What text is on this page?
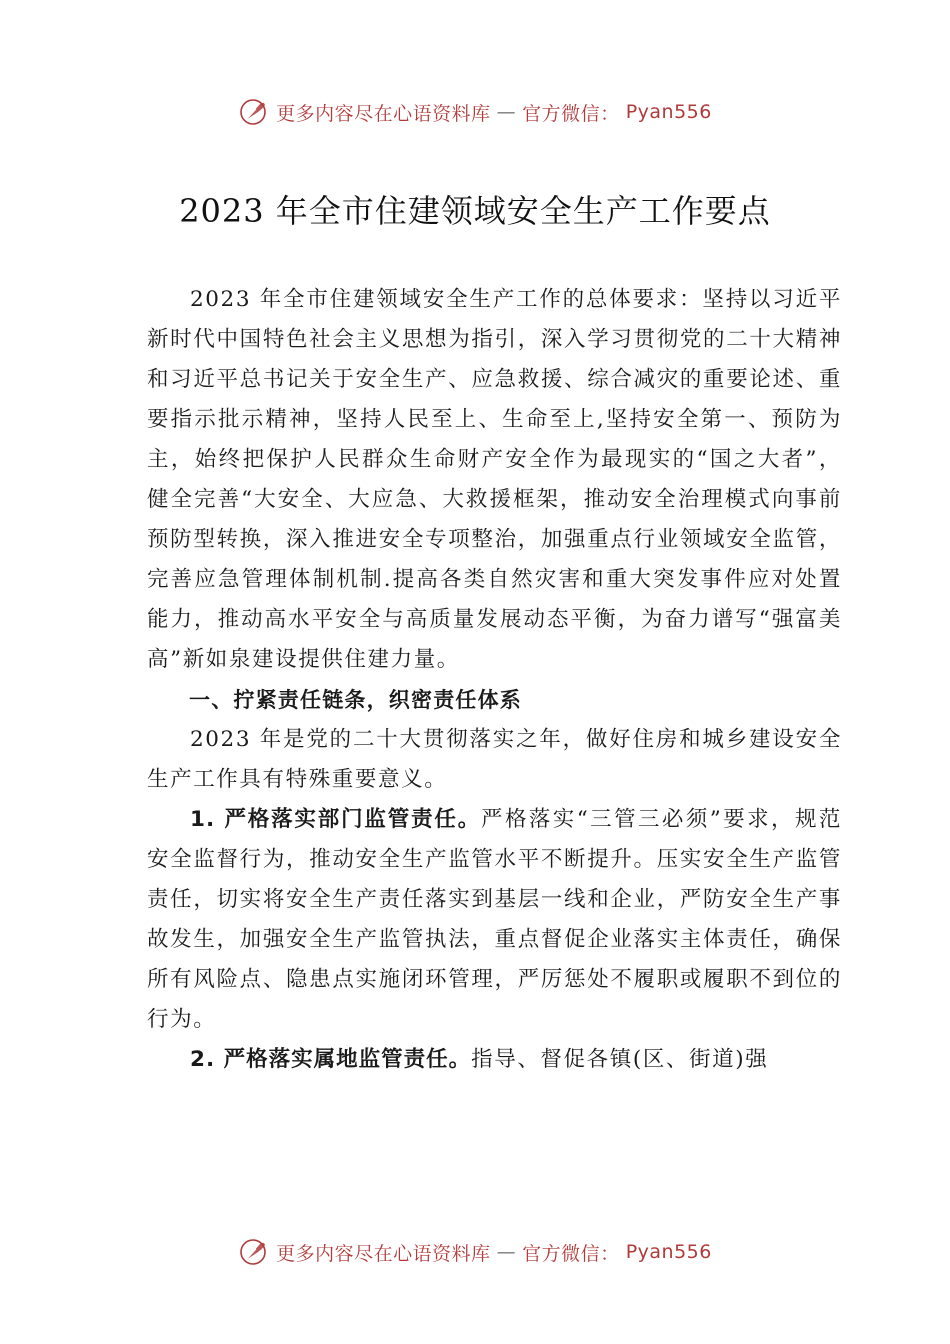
更多内容尽在心语资料库 — 官方微信： Pyan556
2023 年全市住建领域安全生产工作要点

2023 年全市住建领域安全生产工作的总体要求：坚持以习近平新时代中国特色社会主义思想为指引，深入学习贯彻党的二十大精神和习近平总书记关于安全生产、应急救援、综合减灾的重要论述、重要指示批示精神，坚持人民至上、生命至上,坚持安全第一、预防为主，始终把保护人民群众生命财产安全作为最现实的“国之大者”，健全完善“大安全、大应急、大救援框架，推动安全治理模式向事前预防型转换，深入推进安全专项整治，加强重点行业领域安全监管，完善应急管理体制机制.提高各类自然灾害和重大突发事件应对处置能力，推动高水平安全与高质量发展动态平衡，为奋力谱写“强富美高”新如泉建设提供住建力量。

一、拧紧责任链条，织密责任体系

2023 年是党的二十大贯彻落实之年，做好住房和城乡建设安全生产工作具有特殊重要意义。

1. 严格落实部门监管责任。严格落实“三管三必须”要求，规范安全监督行为，推动安全生产监管水平不断提升。压实安全生产监管责任，切实将安全生产责任落实到基层一线和企业，严防安全生产事故发生，加强安全生产监管执法，重点督促企业落实主体责任，确保所有风险点、隐患点实施闭环管理，严厉惩处不履职或履职不到位的行为。

2. 严格落实属地监管责任。指导、督促各镇(区、街道)强

更多内容尽在心语资料库 — 官方微信： Pyan556
